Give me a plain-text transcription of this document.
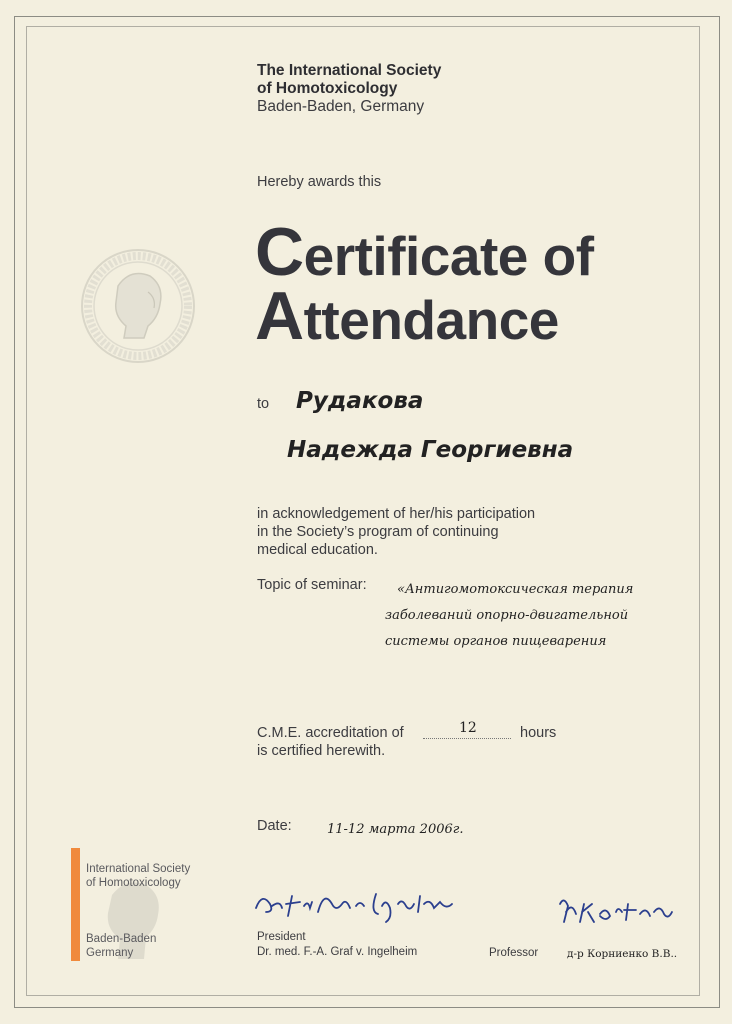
The International Society
of Homotoxicology
Baden-Baden, Germany
Hereby awards this
Certificate of
Attendance
to Рудакова
Надежда Георгиевна
in acknowledgement of her/his participation
in the Society’s program of continuing
medical education.
Topic of seminar: «Антигомотоксическая терапия
заболеваний опорно-двигательной
системы органов пищеварения
C.M.E. accreditation of	12	hours
is certified herewith.
Date:	11-12 марта 2006г.
International Society
of Homotoxicology
Baden-Baden
Germany
President
Dr. med. F.-A. Graf v. Ingelheim	Professor	д-р Корниенко В.В..
